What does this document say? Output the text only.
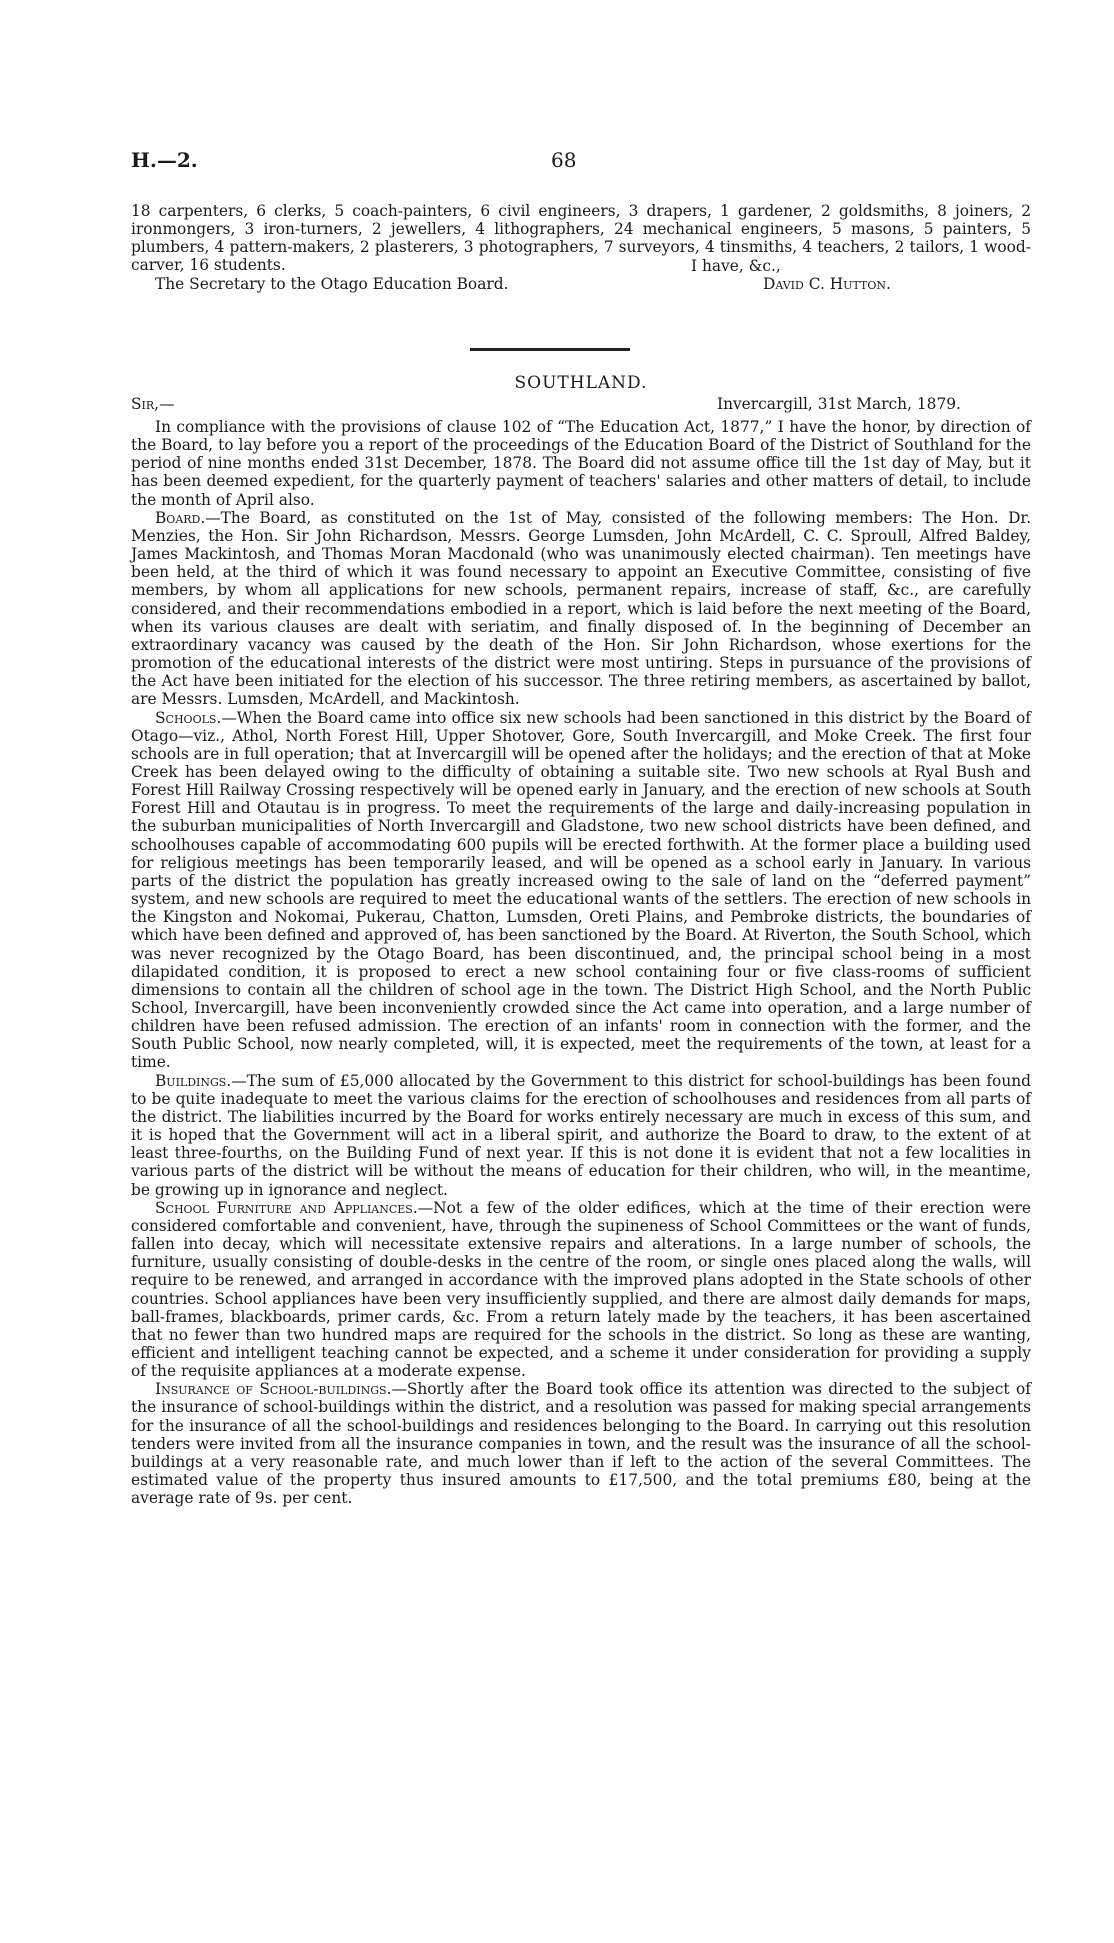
H.—2.	68

18 carpenters, 6 clerks, 5 coach-painters, 6 civil engineers, 3 drapers, 1 gardener, 2 goldsmiths, 8 joiners, 2 ironmongers, 3 iron-turners, 2 jewellers, 4 lithographers, 24 mechanical engineers, 5 masons, 5 painters, 5 plumbers, 4 pattern-makers, 2 plasterers, 3 photographers, 7 surveyors, 4 tinsmiths, 4 teachers, 2 tailors, 1 wood-carver, 16 students.

The Secretary to the Otago Education Board.
I have, &c.,
David C. Hutton.
SOUTHLAND.
Sir,—	Invercargill, 31st March, 1879.

In compliance with the provisions of clause 102 of “The Education Act, 1877,” I have the honor, by direction of the Board, to lay before you a report of the proceedings of the Education Board of the District of Southland for the period of nine months ended 31st December, 1878. The Board did not assume office till the 1st day of May, but it has been deemed expedient, for the quarterly payment of teachers' salaries and other matters of detail, to include the month of April also.

Board.—The Board, as constituted on the 1st of May, consisted of the following members: The Hon. Dr. Menzies, the Hon. Sir John Richardson, Messrs. George Lumsden, John McArdell, C. C. Sproull, Alfred Baldey, James Mackintosh, and Thomas Moran Macdonald (who was unanimously elected chairman). Ten meetings have been held, at the third of which it was found necessary to appoint an Executive Committee, consisting of five members, by whom all applications for new schools, permanent repairs, increase of staff, &c., are carefully considered, and their recommendations embodied in a report, which is laid before the next meeting of the Board, when its various clauses are dealt with seriatim, and finally disposed of. In the beginning of December an extraordinary vacancy was caused by the death of the Hon. Sir John Richardson, whose exertions for the promotion of the educational interests of the district were most untiring. Steps in pursuance of the provisions of the Act have been initiated for the election of his successor. The three retiring members, as ascertained by ballot, are Messrs. Lumsden, McArdell, and Mackintosh.

Schools.—When the Board came into office six new schools had been sanctioned in this district by the Board of Otago—viz., Athol, North Forest Hill, Upper Shotover, Gore, South Invercargill, and Moke Creek. The first four schools are in full operation; that at Invercargill will be opened after the holidays; and the erection of that at Moke Creek has been delayed owing to the difficulty of obtaining a suitable site. Two new schools at Ryal Bush and Forest Hill Railway Crossing respectively will be opened early in January, and the erection of new schools at South Forest Hill and Otautau is in progress. To meet the requirements of the large and daily-increasing population in the suburban municipalities of North Invercargill and Gladstone, two new school districts have been defined, and schoolhouses capable of accommodating 600 pupils will be erected forthwith. At the former place a building used for religious meetings has been temporarily leased, and will be opened as a school early in January. In various parts of the district the population has greatly increased owing to the sale of land on the “deferred payment” system, and new schools are required to meet the educational wants of the settlers. The erection of new schools in the Kingston and Nokomai, Pukerau, Chatton, Lumsden, Oreti Plains, and Pembroke districts, the boundaries of which have been defined and approved of, has been sanctioned by the Board. At Riverton, the South School, which was never recognized by the Otago Board, has been discontinued, and, the principal school being in a most dilapidated condition, it is proposed to erect a new school containing four or five class-rooms of sufficient dimensions to contain all the children of school age in the town. The District High School, and the North Public School, Invercargill, have been inconveniently crowded since the Act came into operation, and a large number of children have been refused admission. The erection of an infants' room in connection with the former, and the South Public School, now nearly completed, will, it is expected, meet the requirements of the town, at least for a time.

Buildings.—The sum of £5,000 allocated by the Government to this district for school-buildings has been found to be quite inadequate to meet the various claims for the erection of schoolhouses and residences from all parts of the district. The liabilities incurred by the Board for works entirely necessary are much in excess of this sum, and it is hoped that the Government will act in a liberal spirit, and authorize the Board to draw, to the extent of at least three-fourths, on the Building Fund of next year. If this is not done it is evident that not a few localities in various parts of the district will be without the means of education for their children, who will, in the meantime, be growing up in ignorance and neglect.

School Furniture and Appliances.—Not a few of the older edifices, which at the time of their erection were considered comfortable and convenient, have, through the supineness of School Committees or the want of funds, fallen into decay, which will necessitate extensive repairs and alterations. In a large number of schools, the furniture, usually consisting of double-desks in the centre of the room, or single ones placed along the walls, will require to be renewed, and arranged in accordance with the improved plans adopted in the State schools of other countries. School appliances have been very insufficiently supplied, and there are almost daily demands for maps, ball-frames, blackboards, primer cards, &c. From a return lately made by the teachers, it has been ascertained that no fewer than two hundred maps are required for the schools in the district. So long as these are wanting, efficient and intelligent teaching cannot be expected, and a scheme it under consideration for providing a supply of the requisite appliances at a moderate expense.

Insurance of School-buildings.—Shortly after the Board took office its attention was directed to the subject of the insurance of school-buildings within the district, and a resolution was passed for making special arrangements for the insurance of all the school-buildings and residences belonging to the Board. In carrying out this resolution tenders were invited from all the insurance companies in town, and the result was the insurance of all the school-buildings at a very reasonable rate, and much lower than if left to the action of the several Committees. The estimated value of the property thus insured amounts to £17,500, and the total premiums £80, being at the average rate of 9s. per cent.
